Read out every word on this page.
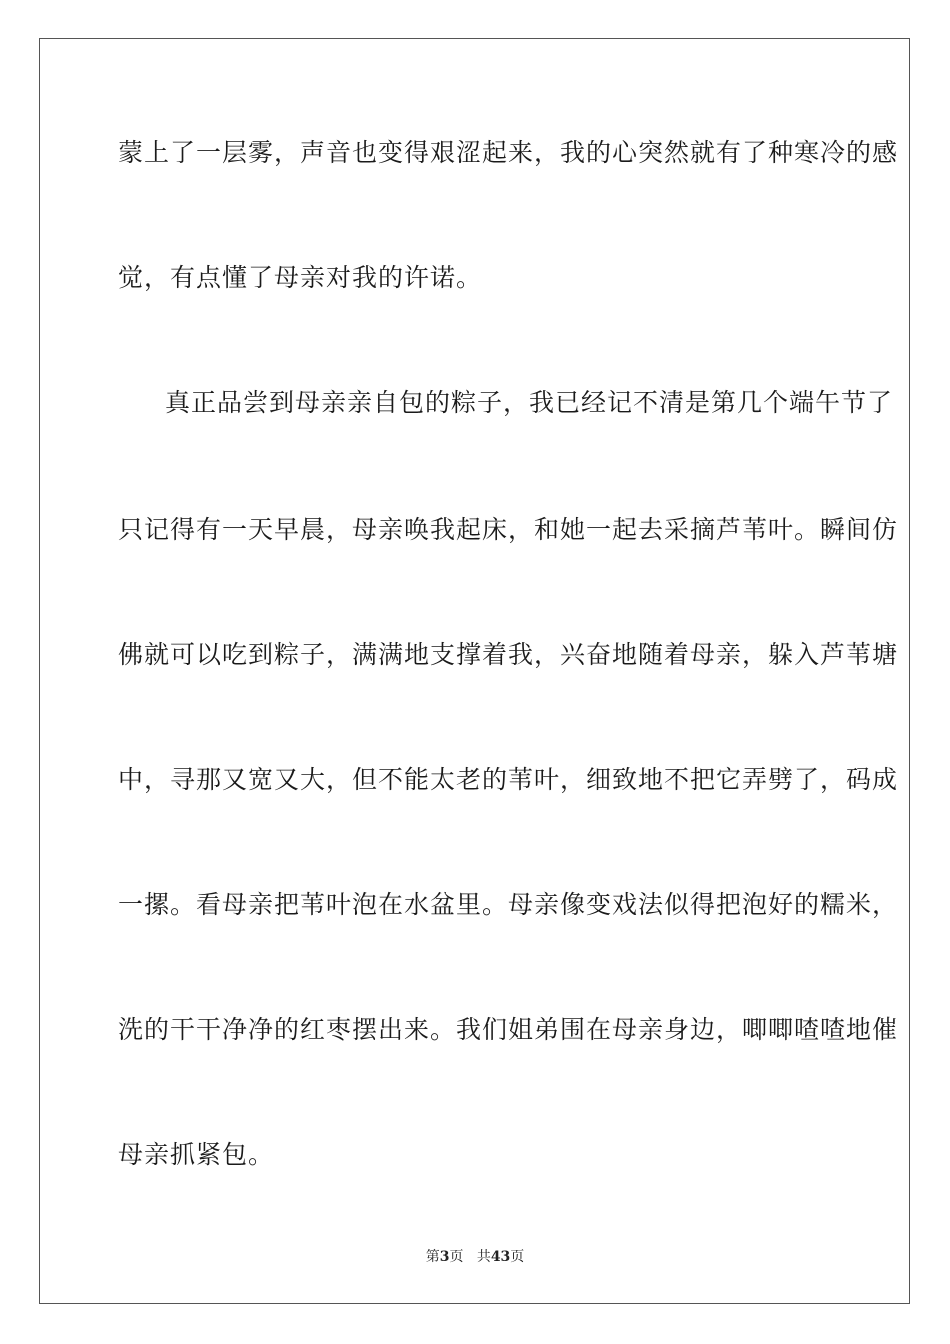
蒙上了一层雾，声音也变得艰涩起来，我的心突然就有了种寒冷的感
觉，有点懂了母亲对我的许诺。
真正品尝到母亲亲自包的粽子，我已经记不清是第几个端午节了
只记得有一天早晨，母亲唤我起床，和她一起去采摘芦苇叶。瞬间仿
佛就可以吃到粽子，满满地支撑着我，兴奋地随着母亲，躲入芦苇塘
中，寻那又宽又大，但不能太老的苇叶，细致地不把它弄劈了，码成
一摞。看母亲把苇叶泡在水盆里。母亲像变戏法似得把泡好的糯米，
洗的干干净净的红枣摆出来。我们姐弟围在母亲身边，唧唧喳喳地催
母亲抓紧包。
第3页 共43页
